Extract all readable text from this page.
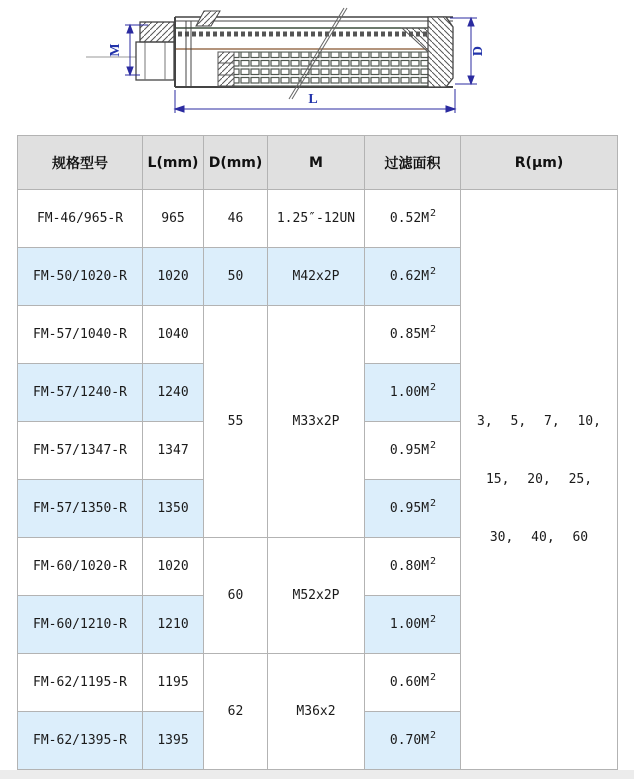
M	D
L
规格型号	L(mm)	D(mm)	M	过滤面积	R(μm)
FM-46/965-R	965	46	1.25″-12UN	$0.52M^2$	3, 5, 7, 10,
15, 20, 25,
30, 40, 60

FM-50/1020-R	1020	50	M42x2P	$0.62M^2$
FM-57/1040-R	1040	55	M33x2P	$0.85M^2$
FM-57/1240-R	1240			$1.00M^2$
FM-57/1347-R	1347			$0.95M^2$
FM-57/1350-R	1350			$0.95M^2$
FM-60/1020-R	1020	60	M52x2P	$0.80M^2$
FM-60/1210-R	1210			$1.00M^2$
FM-62/1195-R	1195	62	M36x2	$0.60M^2$
FM-62/1395-R	1395			$0.70M^2$
